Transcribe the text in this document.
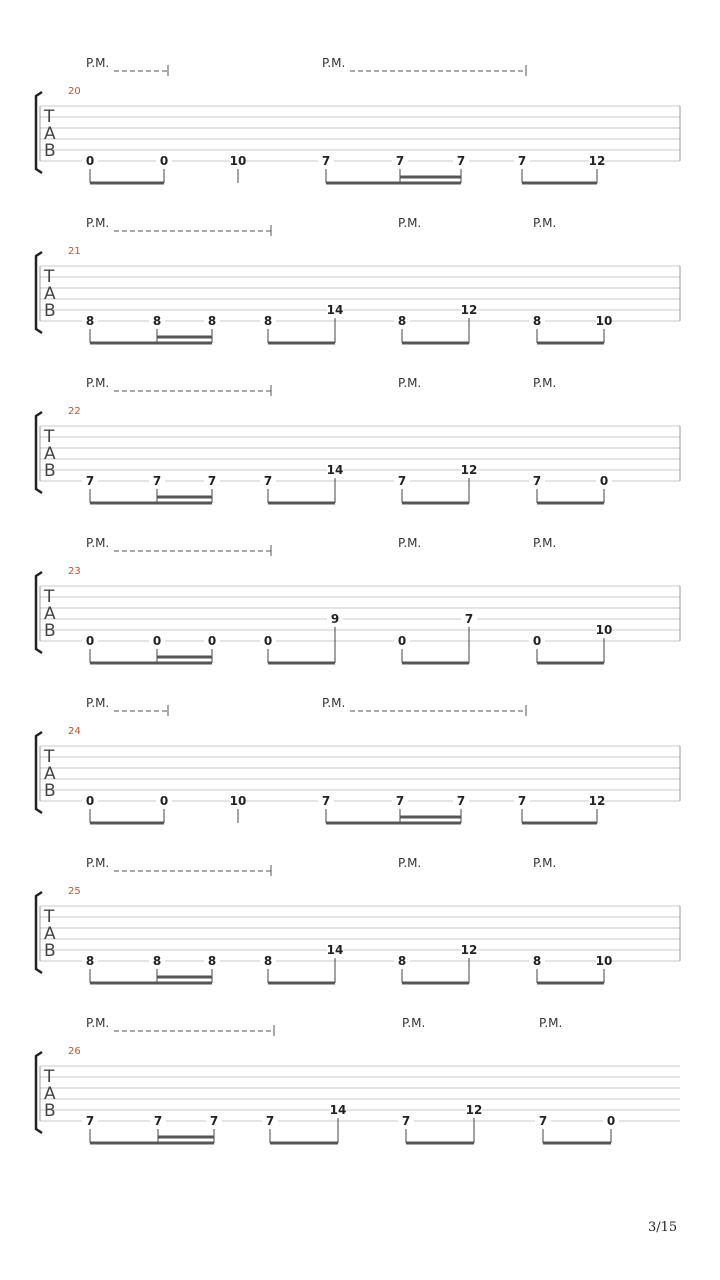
T
A
B
20
P.M.	P.M.
0	0	10	7	7	7	7	12
T
A
B
21
P.M.	P.M.	P.M.
8	8	8	8
14
8
12
8	10
T
A
B
22
P.M.	P.M.	P.M.
7	7	7	7
14
7
12
7	0
T
A
B
23
P.M.	P.M.	P.M.
0	0	0	0
9
0
7
0
10
T
A
B
24
P.M.	P.M.
0	0	10	7	7	7	7	12
T
A
B
25
P.M.	P.M.	P.M.
8	8	8	8
14
8
12
8	10
T
A
B
26
P.M.	P.M.	P.M.
7	7	7	7
14
7
12
7	0
3/15
